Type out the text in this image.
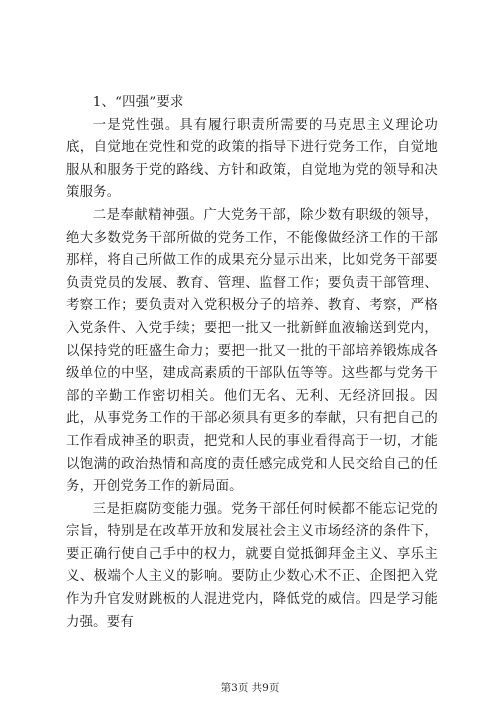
1、“四强”要求

一是党性强。具有履行职责所需要的马克思主义理论功底，自觉地在党性和党的政策的指导下进行党务工作，自觉地服从和服务于党的路线、方针和政策，自觉地为党的领导和决策服务。

二是奉献精神强。广大党务干部，除少数有职级的领导，绝大多数党务干部所做的党务工作，不能像做经济工作的干部那样，将自己所做工作的成果充分显示出来，比如党务干部要负责党员的发展、教育、管理、监督工作；要负责干部管理、考察工作；要负责对入党积极分子的培养、教育、考察，严格入党条件、入党手续；要把一批又一批新鲜血液输送到党内，以保持党的旺盛生命力；要把一批又一批的干部培养锻炼成各级单位的中坚，建成高素质的干部队伍等等。这些都与党务干部的辛勤工作密切相关。他们无名、无利、无经济回报。因此，从事党务工作的干部必须具有更多的奉献，只有把自己的工作看成神圣的职责，把党和人民的事业看得高于一切，才能以饱满的政治热情和高度的责任感完成党和人民交给自己的任务，开创党务工作的新局面。

三是拒腐防变能力强。党务干部任何时候都不能忘记党的宗旨，特别是在改革开放和发展社会主义市场经济的条件下，要正确行使自己手中的权力，就要自觉抵御拜金主义、享乐主义、极端个人主义的影响。要防止少数心术不正、企图把入党作为升官发财跳板的人混进党内，降低党的威信。四是学习能力强。要有

第3页 共9页
